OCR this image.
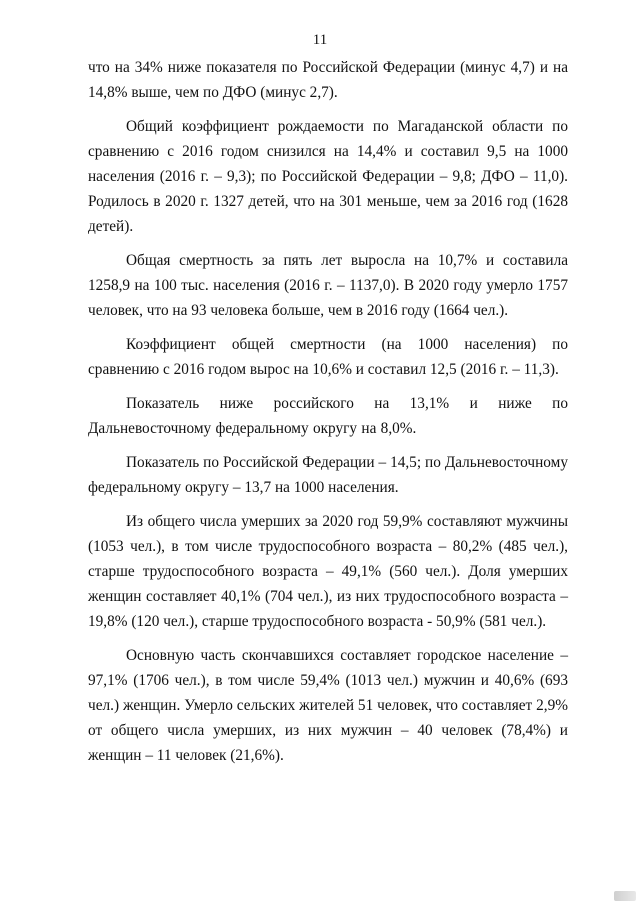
11

что на 34% ниже показателя по Российской Федерации (минус 4,7) и на 14,8% выше, чем по ДФО (минус 2,7).

Общий коэффициент рождаемости по Магаданской области по сравнению с 2016 годом снизился на 14,4% и составил 9,5 на 1000 населения (2016 г. – 9,3); по Российской Федерации – 9,8; ДФО – 11,0). Родилось в 2020 г. 1327 детей, что на 301 меньше, чем за 2016 год (1628 детей).

Общая смертность за пять лет выросла на 10,7% и составила 1258,9 на 100 тыс. населения (2016 г. – 1137,0). В 2020 году умерло 1757 человек, что на 93 человека больше, чем в 2016 году (1664 чел.).

Коэффициент общей смертности (на 1000 населения) по сравнению с 2016 годом вырос на 10,6% и составил 12,5 (2016 г. – 11,3).

Показатель ниже российского на 13,1% и ниже по Дальневосточному федеральному округу на 8,0%.

Показатель по Российской Федерации – 14,5; по Дальневосточному федеральному округу – 13,7 на 1000 населения.

Из общего числа умерших за 2020 год 59,9% составляют мужчины (1053 чел.), в том числе трудоспособного возраста – 80,2% (485 чел.), старше трудоспособного возраста – 49,1% (560 чел.). Доля умерших женщин составляет 40,1% (704 чел.), из них трудоспособного возраста – 19,8% (120 чел.), старше трудоспособного возраста - 50,9% (581 чел.).

Основную часть скончавшихся составляет городское население – 97,1% (1706 чел.), в том числе 59,4% (1013 чел.) мужчин и 40,6% (693 чел.) женщин. Умерло сельских жителей 51 человек, что составляет 2,9% от общего числа умерших, из них мужчин – 40 человек (78,4%) и женщин – 11 человек (21,6%).
